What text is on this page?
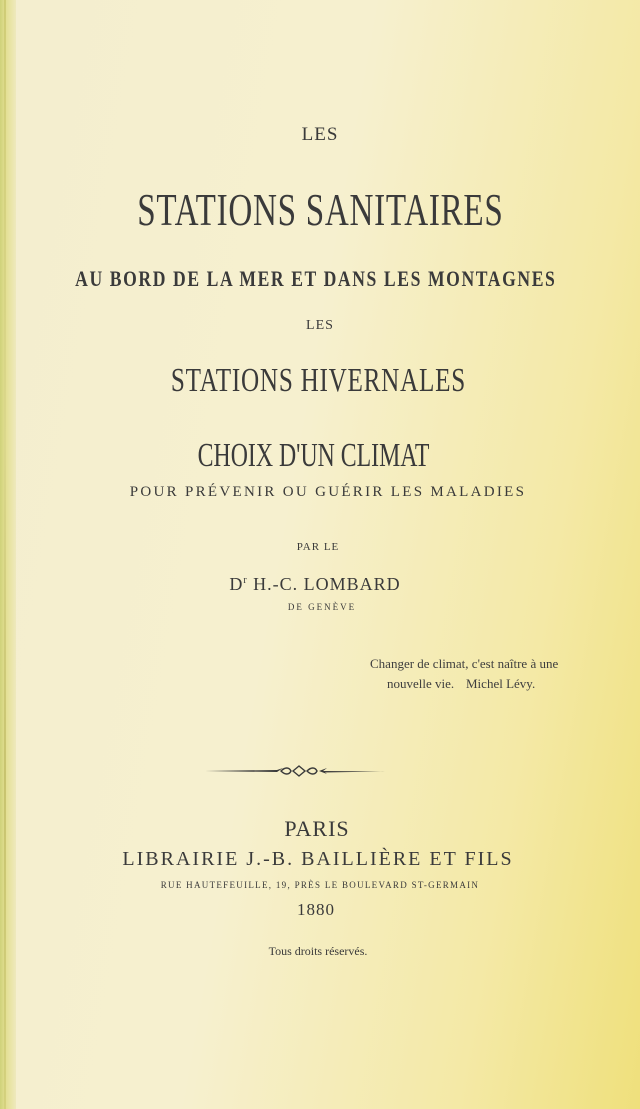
LES
STATIONS SANITAIRES
AU BORD DE LA MER ET DANS LES MONTAGNES
LES
STATIONS HIVERNALES
CHOIX D'UN CLIMAT
POUR PRÉVENIR OU GUÉRIR LES MALADIES
PAR LE
$D^r$ H.-C. LOMBARD
DE GENÈVE
Changer de climat, c'est naître à une
nouvelle vie. Michel Lévy.
PARIS
LIBRAIRIE J.-B. BAILLIÈRE ET FILS
RUE HAUTEFEUILLE, 19, PRÈS LE BOULEVARD ST-GERMAIN
1880
Tous droits réservés.
